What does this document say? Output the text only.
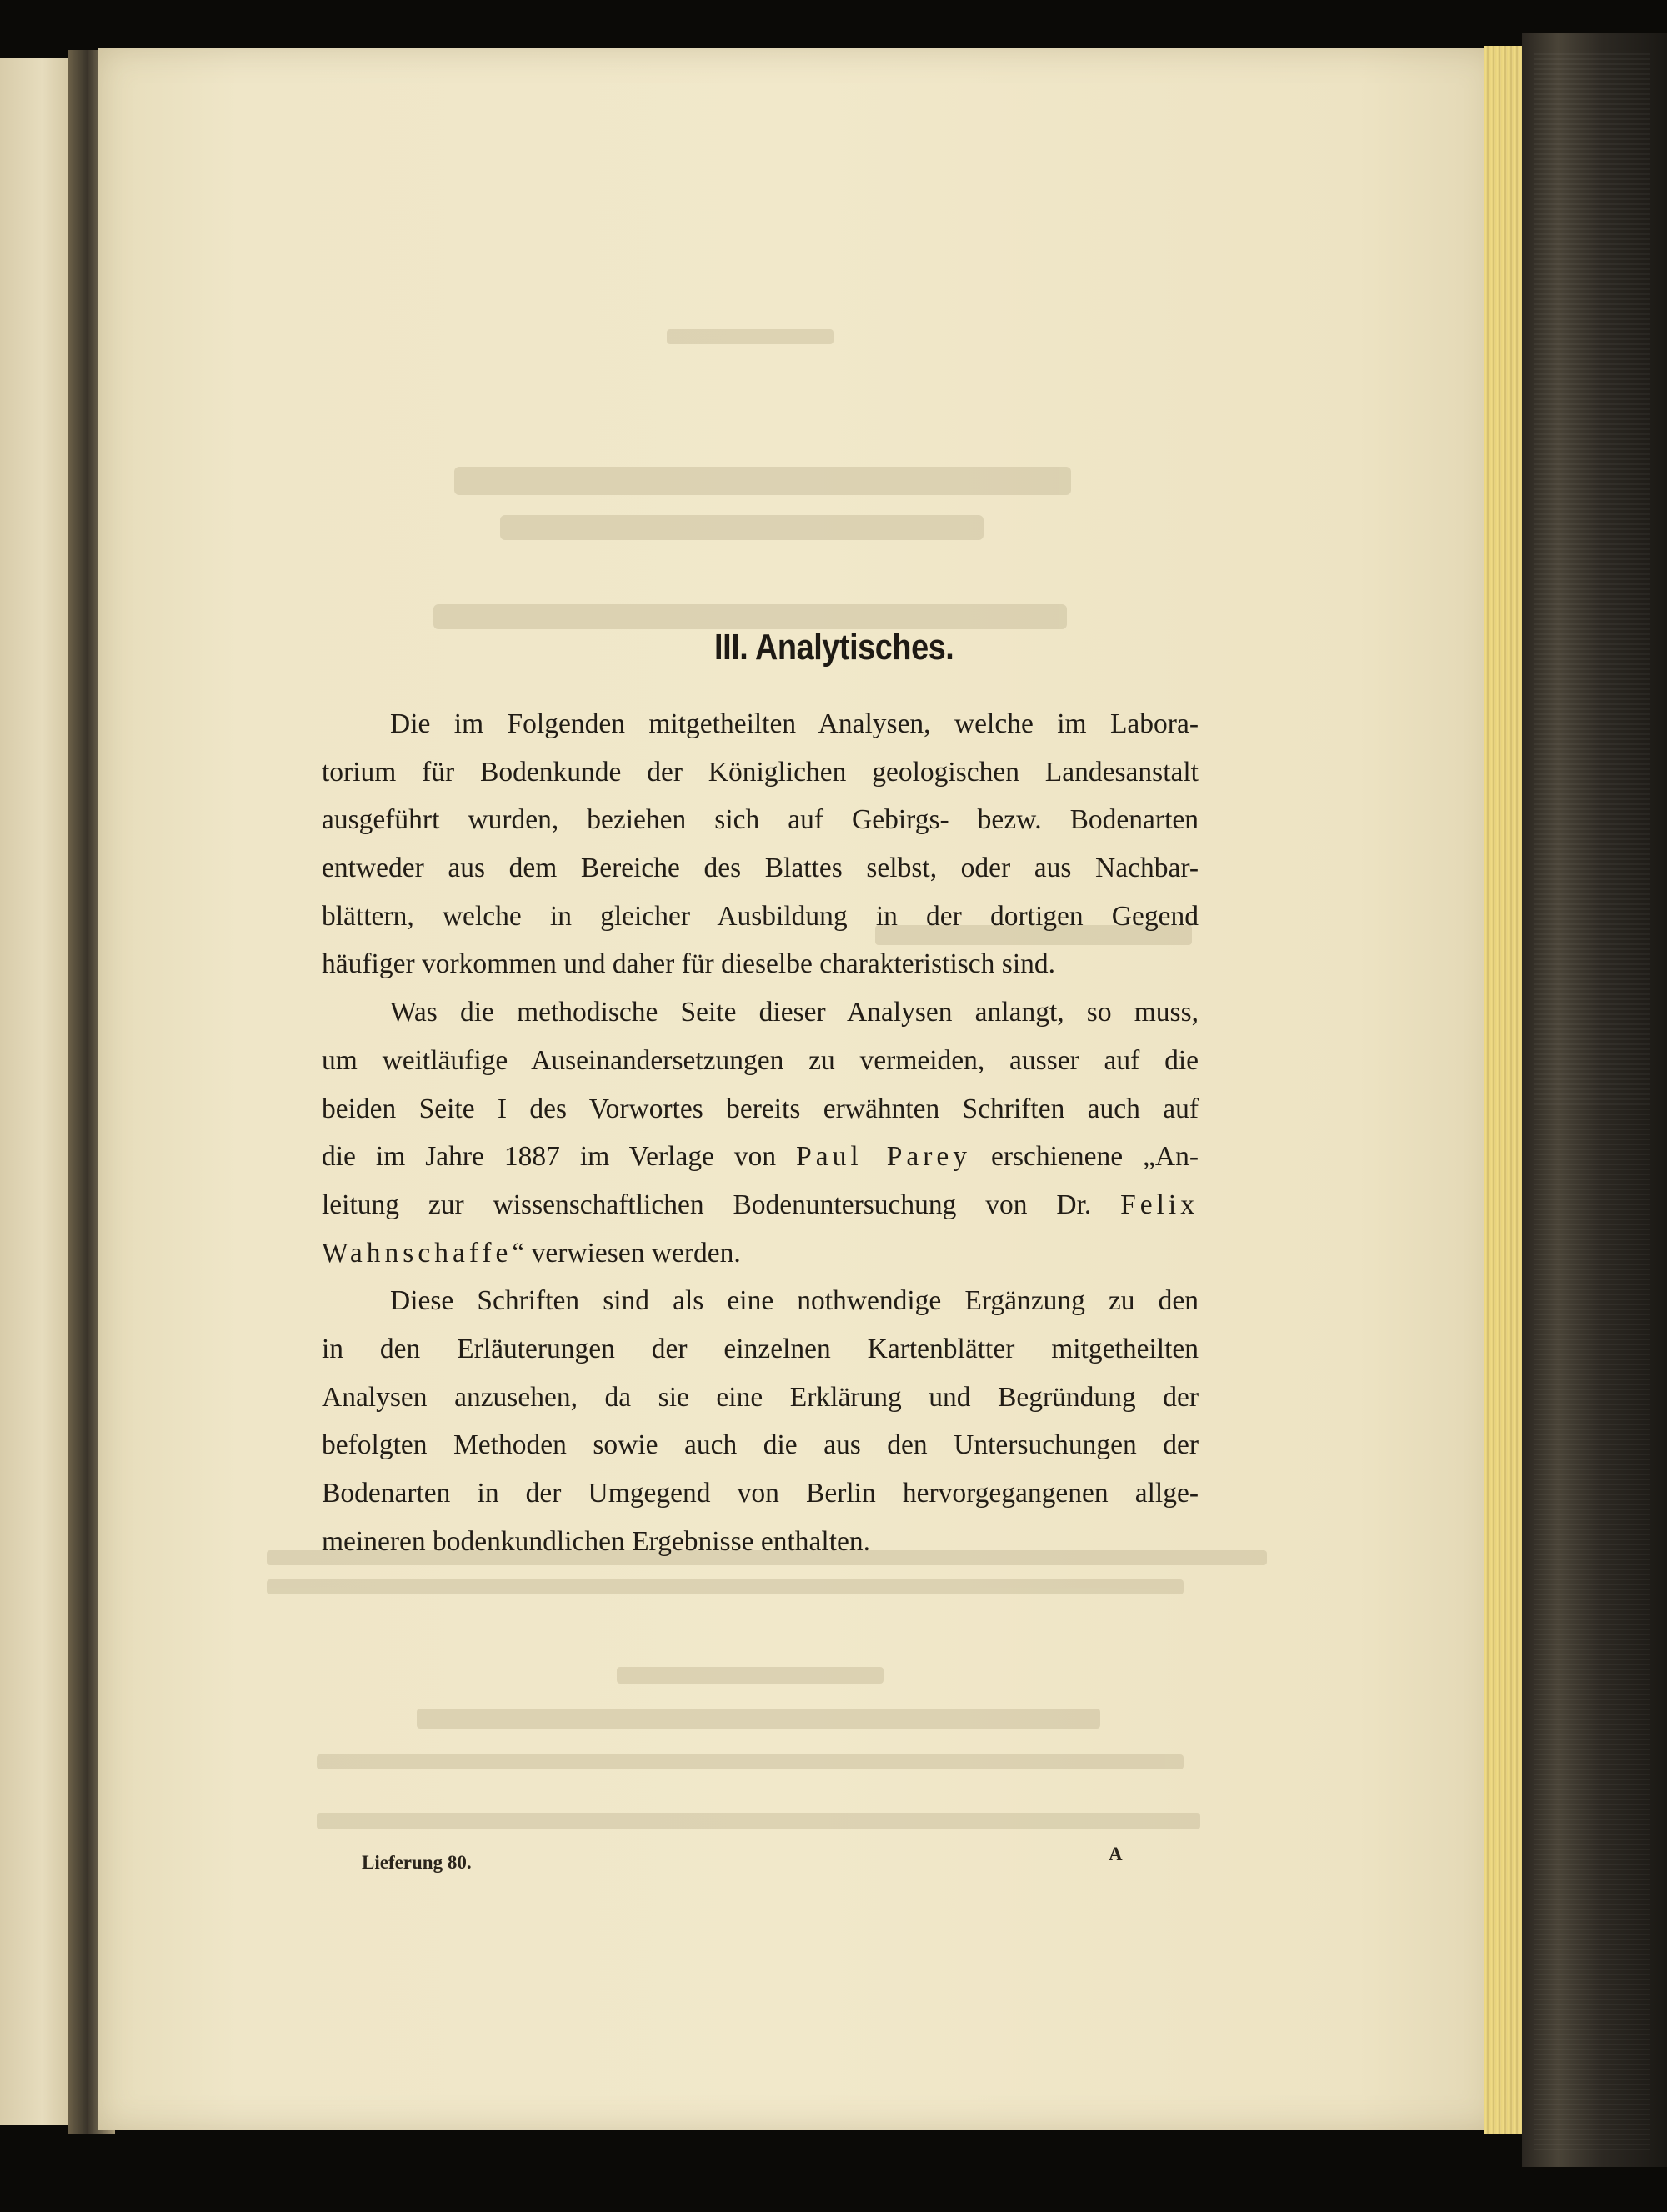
III. Analytisches.
Die im Folgenden mitgetheilten Analysen, welche im Labora-
torium für Bodenkunde der Königlichen geologischen Landesanstalt
ausgeführt wurden, beziehen sich auf Gebirgs- bezw. Bodenarten
entweder aus dem Bereiche des Blattes selbst, oder aus Nachbar-
blättern, welche in gleicher Ausbildung in der dortigen Gegend
häufiger vorkommen und daher für dieselbe charakteristisch sind.
Was die methodische Seite dieser Analysen anlangt, so muss,
um weitläufige Auseinandersetzungen zu vermeiden, ausser auf die
beiden Seite I des Vorwortes bereits erwähnten Schriften auch auf
die im Jahre 1887 im Verlage von Paul Parey erschienene „An-
leitung zur wissenschaftlichen Bodenuntersuchung von Dr. Felix
Wahnschaffe“ verwiesen werden.
Diese Schriften sind als eine nothwendige Ergänzung zu den
in den Erläuterungen der einzelnen Kartenblätter mitgetheilten
Analysen anzusehen, da sie eine Erklärung und Begründung der
befolgten Methoden sowie auch die aus den Untersuchungen der
Bodenarten in der Umgegend von Berlin hervorgegangenen allge-
meineren bodenkundlichen Ergebnisse enthalten.
Lieferung 80.	A
